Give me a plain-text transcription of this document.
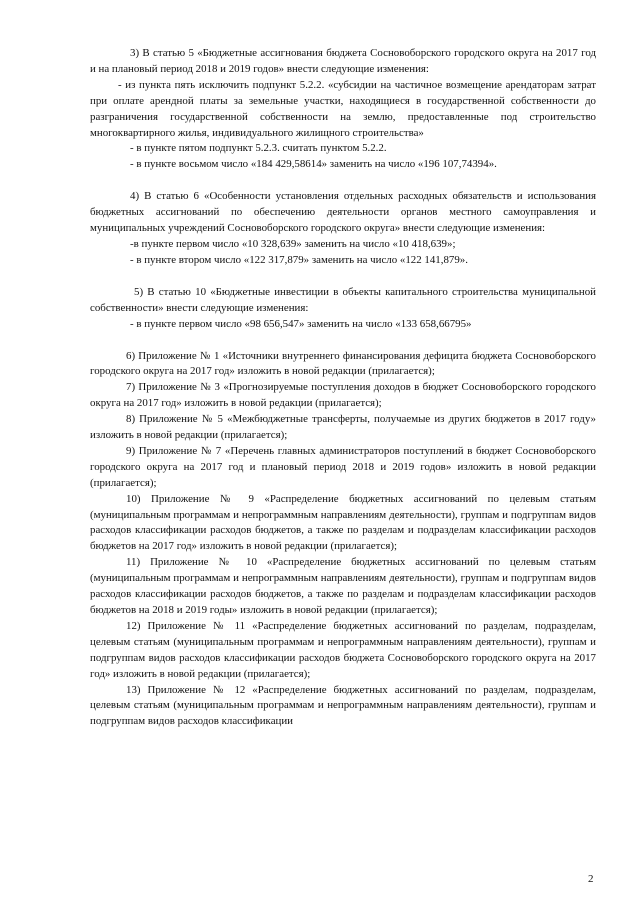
3) В статью 5 «Бюджетные ассигнования бюджета Сосновоборского городского округа на 2017 год и на плановый период 2018 и 2019 годов» внести следующие изменения:

- из пункта пять исключить подпункт 5.2.2. «субсидии на частичное возмещение арендаторам затрат при оплате арендной платы за земельные участки, находящиеся в государственной собственности до разграничения государственной собственности на землю, предоставленные под строительство многоквартирного жилья, индивидуального жилищного строительства»

- в пункте пятом подпункт 5.2.3. считать пунктом 5.2.2.

- в пункте восьмом число «184 429,58614» заменить на число «196 107,74394».

4) В статью 6 «Особенности установления отдельных расходных обязательств и использования бюджетных ассигнований по обеспечению деятельности органов местного самоуправления и муниципальных учреждений Сосновоборского городского округа» внести следующие изменения:

-в пункте первом число «10 328,639» заменить на число «10 418,639»;

- в пункте втором число «122 317,879» заменить на число «122 141,879».

5) В статью 10 «Бюджетные инвестиции в объекты капитального строительства муниципальной собственности» внести следующие изменения:

- в пункте первом число «98 656,547» заменить на число «133 658,66795»

6) Приложение № 1 «Источники внутреннего финансирования дефицита бюджета Сосновоборского городского округа на 2017 год» изложить в новой редакции (прилагается);

7) Приложение № 3 «Прогнозируемые поступления доходов в бюджет Сосновоборского городского округа на 2017 год» изложить в новой редакции (прилагается);

8) Приложение № 5 «Межбюджетные трансферты, получаемые из других бюджетов в 2017 году» изложить в новой редакции (прилагается);

9) Приложение № 7 «Перечень главных администраторов поступлений в бюджет Сосновоборского городского округа на 2017 год и плановый период 2018 и 2019 годов» изложить в новой редакции (прилагается);

10) Приложение № 9 «Распределение бюджетных ассигнований по целевым статьям (муниципальным программам и непрограммным направлениям деятельности), группам и подгруппам видов расходов классификации расходов бюджетов, а также по разделам и подразделам классификации расходов бюджетов на 2017 год» изложить в новой редакции (прилагается);

11) Приложение № 10 «Распределение бюджетных ассигнований по целевым статьям (муниципальным программам и непрограммным направлениям деятельности), группам и подгруппам видов расходов классификации расходов бюджетов, а также по разделам и подразделам классификации расходов бюджетов на 2018 и 2019 годы» изложить в новой редакции (прилагается);

12) Приложение № 11 «Распределение бюджетных ассигнований по разделам, подразделам, целевым статьям (муниципальным программам и непрограммным направлениям деятельности), группам и подгруппам видов расходов классификации расходов бюджета Сосновоборского городского округа на 2017 год» изложить в новой редакции (прилагается);

13) Приложение № 12 «Распределение бюджетных ассигнований по разделам, подразделам, целевым статьям (муниципальным программам и непрограммным направлениям деятельности), группам и подгруппам видов расходов классификации

2
